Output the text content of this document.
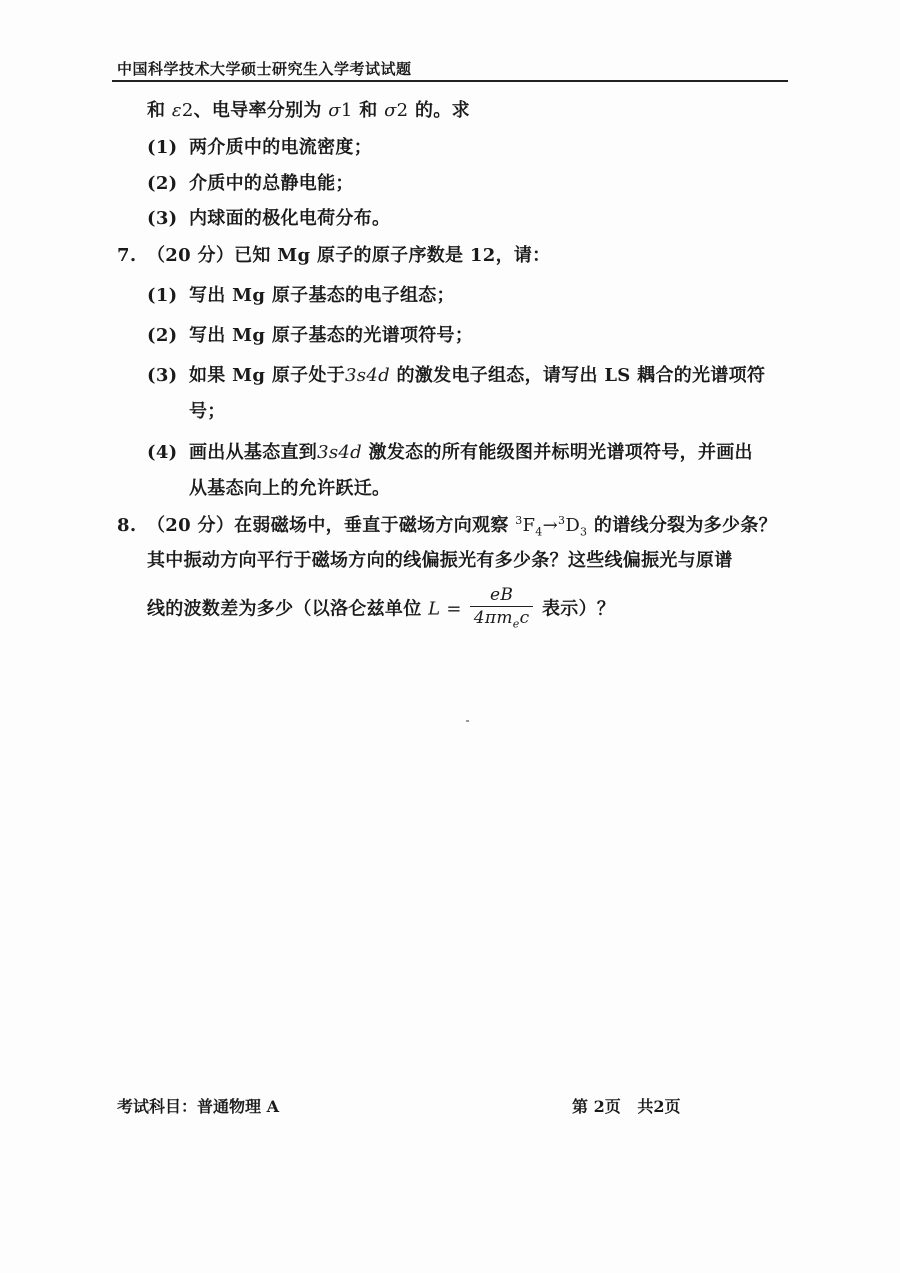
中国科学技术大学硕士研究生入学考试试题
和 ε2、电导率分别为 σ1 和 σ2 的。求
(1) 两介质中的电流密度；
(2) 介质中的总静电能；
(3) 内球面的极化电荷分布。
7. （20 分）已知 Mg 原子的原子序数是 12，请：
(1) 写出 Mg 原子基态的电子组态；
(2) 写出 Mg 原子基态的光谱项符号；
(3) 如果 Mg 原子处于3s4d 的激发电子组态，请写出 LS 耦合的光谱项符
号；
(4) 画出从基态直到3s4d 激发态的所有能级图并标明光谱项符号，并画出
从基态向上的允许跃迁。
8. （20 分）在弱磁场中，垂直于磁场方向观察 $^3F_4\to^3D_3$ 的谱线分裂为多少条？
其中振动方向平行于磁场方向的线偏振光有多少条？这些线偏振光与原谱
线的波数差为多少（以洛仑兹单位 $L = \frac{eB}{4\pi m_ec}$ 表示）？
考试科目：普通物理 A	第 2页   共2页
